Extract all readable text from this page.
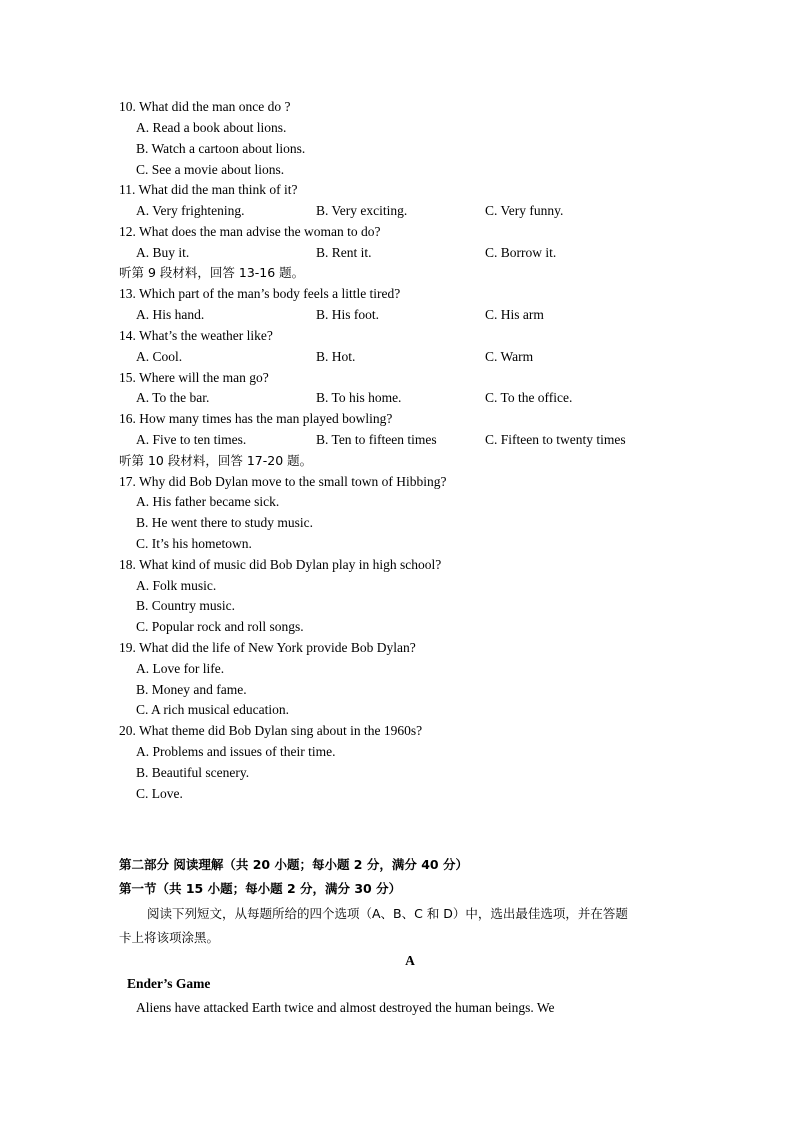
10. What did the man once do ?
A. Read a book about lions.
B. Watch a cartoon about lions.
C. See a movie about lions.
11. What did the man think of it?
A. Very frightening.	B. Very exciting.	C. Very funny.
12. What does the man advise the woman to do?
A. Buy it.	B. Rent it.	C. Borrow it.
听第 9 段材料，回答 13-16 题。
13. Which part of the man’s body feels a little tired?
A. His hand.	B. His foot.	C. His arm
14. What’s the weather like?
A. Cool.	B. Hot.	C. Warm
15. Where will the man go?
A. To the bar.	B. To his home.	C. To the office.
16. How many times has the man played bowling?
A. Five to ten times.	B. Ten to fifteen times	C. Fifteen to twenty times
听第 10 段材料，回答 17-20 题。
17. Why did Bob Dylan move to the small town of Hibbing?
A. His father became sick.
B. He went there to study music.
C. It’s his hometown.
18. What kind of music did Bob Dylan play in high school?
A. Folk music.
B. Country music.
C. Popular rock and roll songs.
19. What did the life of New York provide Bob Dylan?
A. Love for life.
B. Money and fame.
C. A rich musical education.
20. What theme did Bob Dylan sing about in the 1960s?
A. Problems and issues of their time.
B. Beautiful scenery.
C. Love.
第二部分 阅读理解（共 20 小题；每小题 2 分，满分 40 分）
第一节（共 15 小题；每小题 2 分，满分 30 分）
阅读下列短文，从每题所给的四个选项（A、B、C 和 D）中，选出最佳选项，并在答题
卡上将该项涂黑。
A
Ender’s Game
Aliens have attacked Earth twice and almost destroyed the human beings. We
